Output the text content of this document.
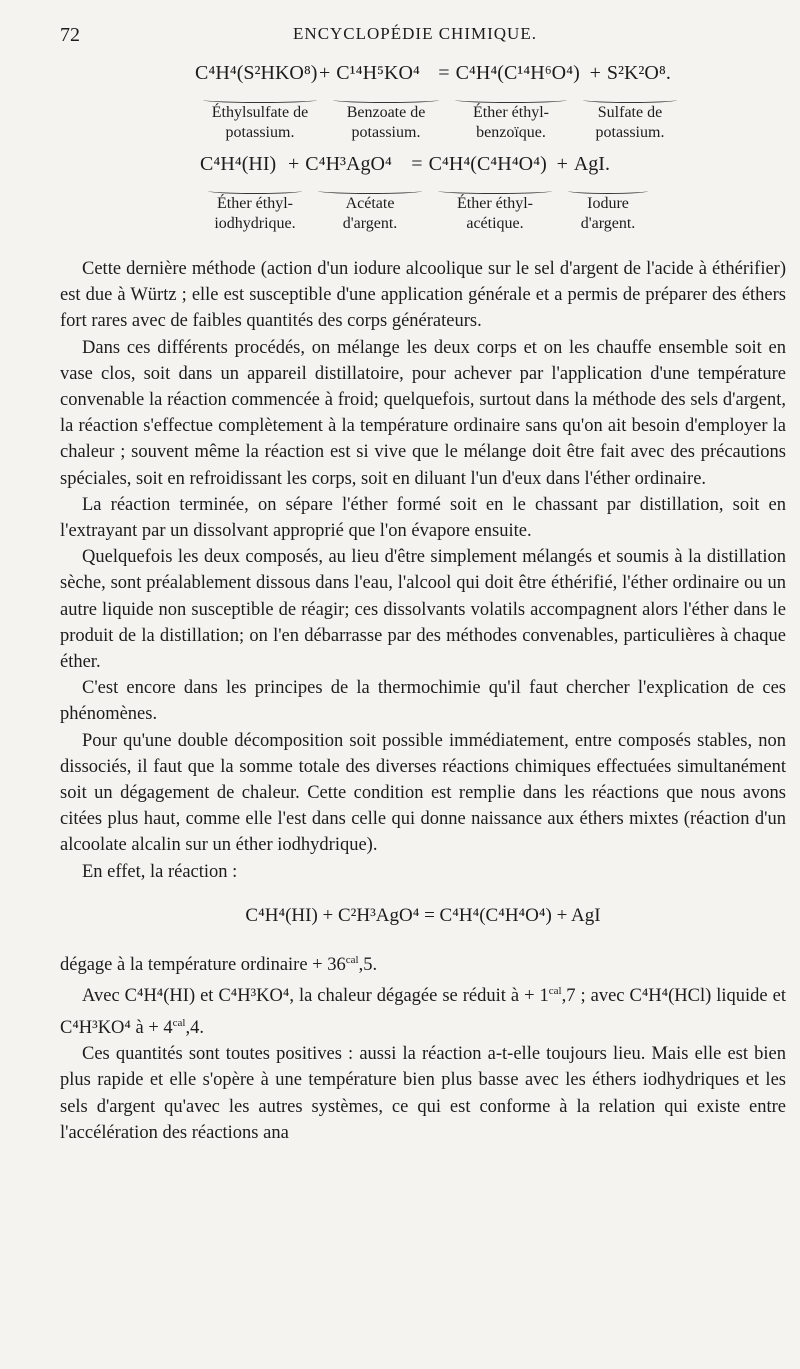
72	ENCYCLOPÉDIE CHIMIQUE.
C⁴H⁴(S²HKO⁸) + C¹⁴H⁵KO⁴ = C⁴H⁴(C¹⁴H⁶O⁴) + S²K²O⁸.
Éthylsulfate de
potassium.
Benzoate de
potassium.
Éther éthyl-
benzoïque.
Sulfate de
potassium.
C⁴H⁴(HI) + C⁴H³AgO⁴ = C⁴H⁴(C⁴H⁴O⁴) + AgI.
Éther éthyl-
iodhydrique.
Acétate
d'argent.
Éther éthyl-
acétique.
Iodure
d'argent.

Cette dernière méthode (action d'un iodure alcoolique sur le sel d'argent de l'acide à éthérifier) est due à Würtz ; elle est susceptible d'une application générale et a permis de préparer des éthers fort rares avec de faibles quantités des corps générateurs.

Dans ces différents procédés, on mélange les deux corps et on les chauffe ensemble soit en vase clos, soit dans un appareil distillatoire, pour achever par l'application d'une température convenable la réaction commencée à froid; quelquefois, surtout dans la méthode des sels d'argent, la réaction s'effectue complètement à la température ordinaire sans qu'on ait besoin d'employer la chaleur ; souvent même la réaction est si vive que le mélange doit être fait avec des précautions spéciales, soit en refroidissant les corps, soit en diluant l'un d'eux dans l'éther ordinaire.

La réaction terminée, on sépare l'éther formé soit en le chassant par distillation, soit en l'extrayant par un dissolvant approprié que l'on évapore ensuite.

Quelquefois les deux composés, au lieu d'être simplement mélangés et soumis à la distillation sèche, sont préalablement dissous dans l'eau, l'alcool qui doit être éthérifié, l'éther ordinaire ou un autre liquide non susceptible de réagir; ces dissolvants volatils accompagnent alors l'éther dans le produit de la distillation; on l'en débarrasse par des méthodes convenables, particulières à chaque éther.

C'est encore dans les principes de la thermochimie qu'il faut chercher l'explication de ces phénomènes.

Pour qu'une double décomposition soit possible immédiatement, entre composés stables, non dissociés, il faut que la somme totale des diverses réactions chimiques effectuées simultanément soit un dégagement de chaleur. Cette condition est remplie dans les réactions que nous avons citées plus haut, comme elle l'est dans celle qui donne naissance aux éthers mixtes (réaction d'un alcoolate alcalin sur un éther iodhydrique).

En effet, la réaction :

C⁴H⁴(HI) + C²H³AgO⁴ = C⁴H⁴(C⁴H⁴O⁴) + AgI

dégage à la température ordinaire + $36^{cal},5$.

Avec C⁴H⁴(HI) et C⁴H³KO⁴, la chaleur dégagée se réduit à + $1^{cal},7$ ; avec C⁴H⁴(HCl) liquide et C⁴H³KO⁴ à + $4^{cal},4$.

Ces quantités sont toutes positives : aussi la réaction a-t-elle toujours lieu. Mais elle est bien plus rapide et elle s'opère à une température bien plus basse avec les éthers iodhydriques et les sels d'argent qu'avec les autres systèmes, ce qui est conforme à la relation qui existe entre l'accélération des réactions ana
